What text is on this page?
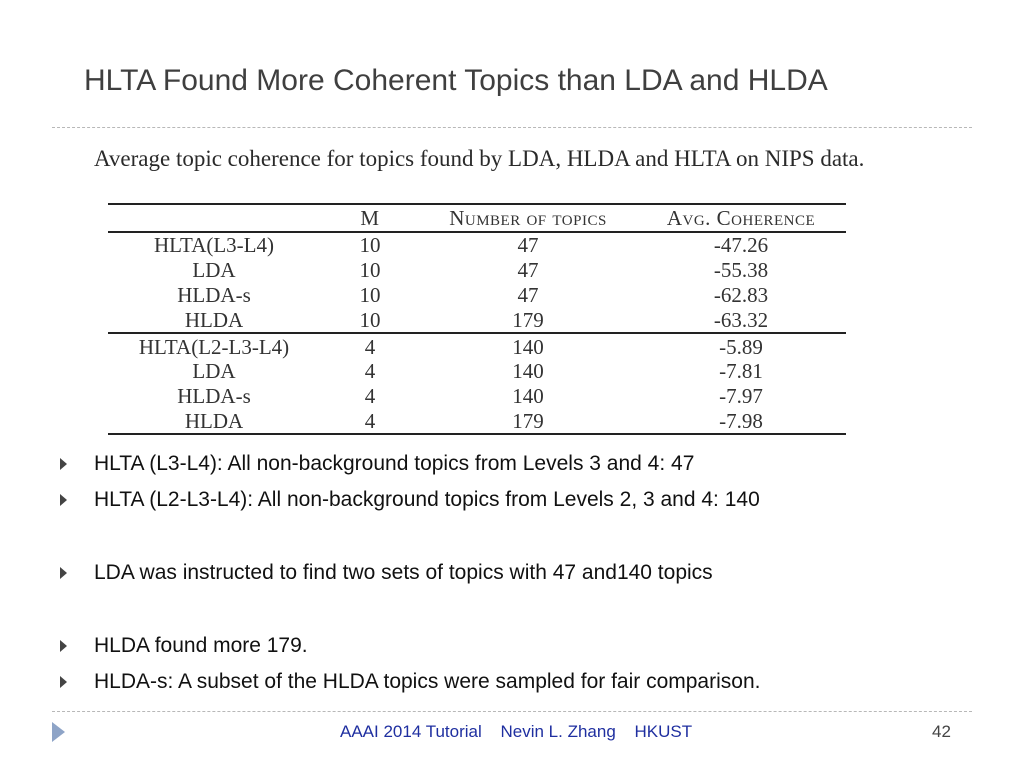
HLTA Found More Coherent Topics than LDA and HLDA
Average topic coherence for topics found by LDA, HLDA and HLTA on NIPS data.
	M	Number of topics	Avg. Coherence
HLTA(L3-L4)	10	47	-47.26
LDA	10	47	-55.38
HLDA-s	10	47	-62.83
HLDA	10	179	-63.32
HLTA(L2-L3-L4)	4	140	-5.89
LDA	4	140	-7.81
HLDA-s	4	140	-7.97
HLDA	4	179	-7.98
HLTA (L3-L4): All non-background topics from Levels 3 and 4: 47
HLTA (L2-L3-L4): All non-background topics from Levels 2, 3 and 4: 140
LDA was instructed to find two sets of topics with 47 and140 topics
HLDA found more 179.
HLDA-s: A subset of the HLDA topics were sampled for fair comparison.
AAAI 2014 Tutorial Nevin L. Zhang HKUST	42
